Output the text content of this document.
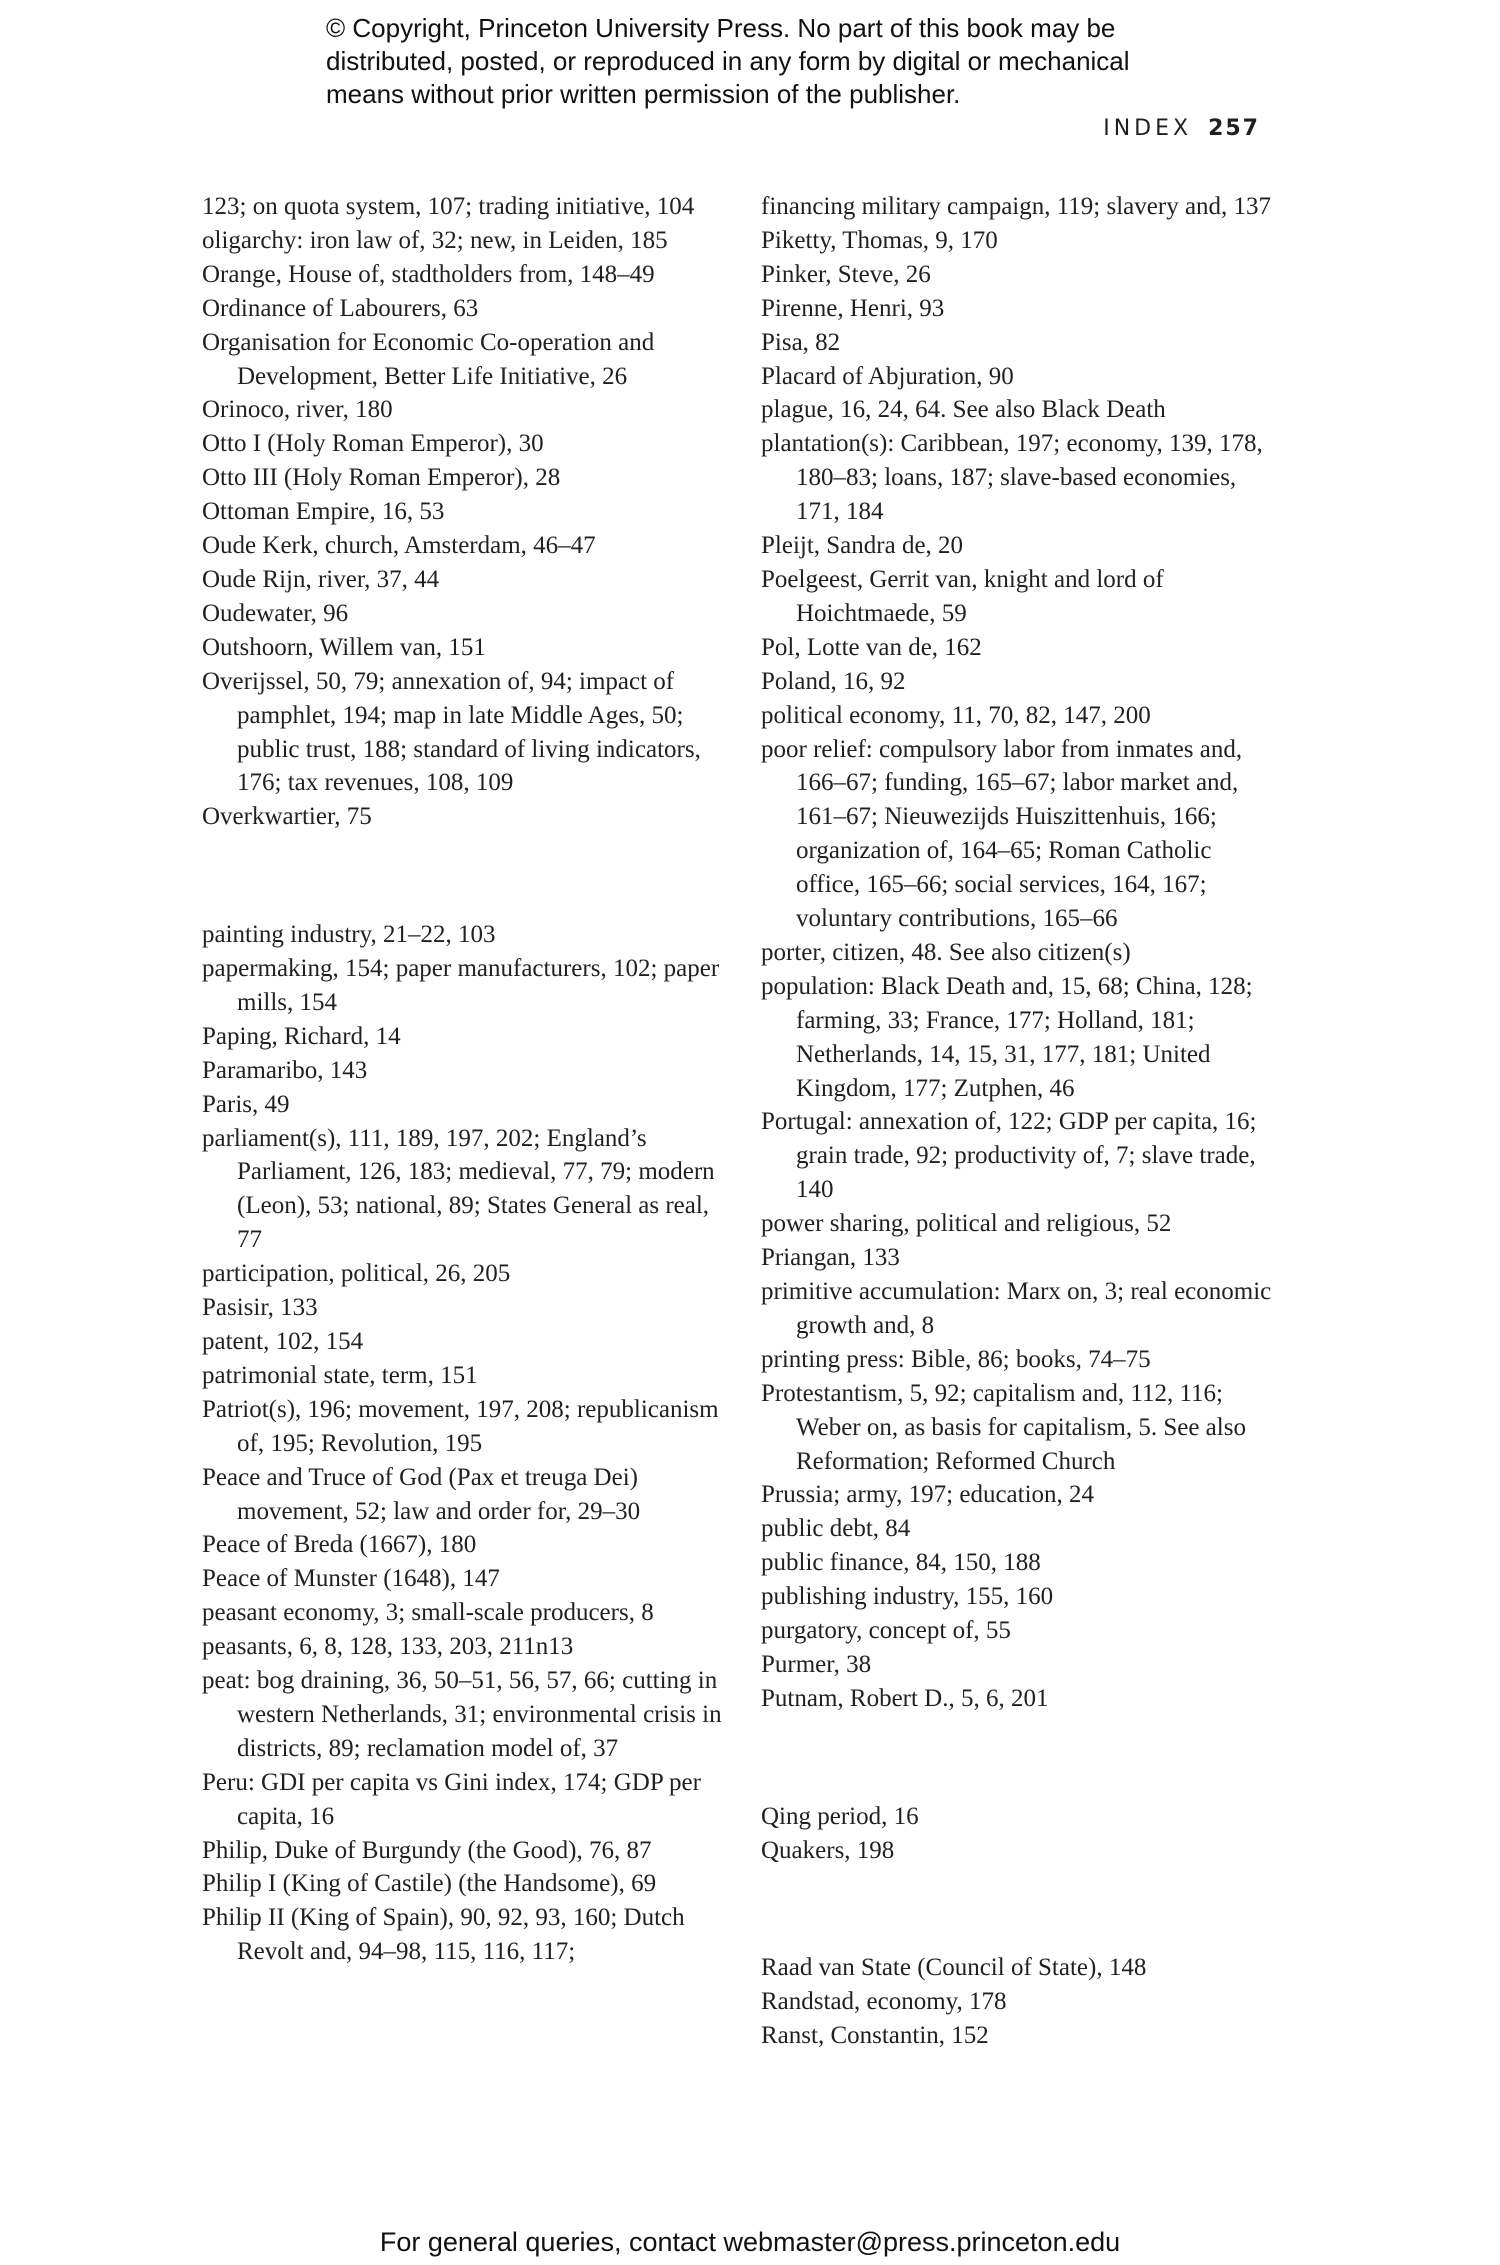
© Copyright, Princeton University Press. No part of this book may be
distributed, posted, or reproduced in any form by digital or mechanical
means without prior written permission of the publisher.
INDEX 257

123; on quota system, 107; trading initiative, 104

oligarchy: iron law of, 32; new, in Leiden, 185

Orange, House of, stadtholders from, 148–49

Ordinance of Labourers, 63

Organisation for Economic Co-operation and Development, Better Life Initiative, 26

Orinoco, river, 180

Otto I (Holy Roman Emperor), 30

Otto III (Holy Roman Emperor), 28

Ottoman Empire, 16, 53

Oude Kerk, church, Amsterdam, 46–47

Oude Rijn, river, 37, 44

Oudewater, 96

Outshoorn, Willem van, 151

Overijssel, 50, 79; annexation of, 94; impact of pamphlet, 194; map in late Middle Ages, 50; public trust, 188; standard of living indicators, 176; tax revenues, 108, 109

Overkwartier, 75

painting industry, 21–22, 103

papermaking, 154; paper manufacturers, 102; paper mills, 154

Paping, Richard, 14

Paramaribo, 143

Paris, 49

parliament(s), 111, 189, 197, 202; England’s Parliament, 126, 183; medieval, 77, 79; modern (Leon), 53; national, 89; States General as real, 77

participation, political, 26, 205

Pasisir, 133

patent, 102, 154

patrimonial state, term, 151

Patriot(s), 196; movement, 197, 208; republicanism of, 195; Revolution, 195

Peace and Truce of God (Pax et treuga Dei) movement, 52; law and order for, 29–30

Peace of Breda (1667), 180

Peace of Munster (1648), 147

peasant economy, 3; small-scale producers, 8

peasants, 6, 8, 128, 133, 203, 211n13

peat: bog draining, 36, 50–51, 56, 57, 66; cutting in western Netherlands, 31; environmental crisis in districts, 89; reclamation model of, 37

Peru: GDI per capita vs Gini index, 174; GDP per capita, 16

Philip, Duke of Burgundy (the Good), 76, 87

Philip I (King of Castile) (the Handsome), 69

Philip II (King of Spain), 90, 92, 93, 160; Dutch Revolt and, 94–98, 115, 116, 117;

financing military campaign, 119; slavery and, 137

Piketty, Thomas, 9, 170

Pinker, Steve, 26

Pirenne, Henri, 93

Pisa, 82

Placard of Abjuration, 90

plague, 16, 24, 64. See also Black Death

plantation(s): Caribbean, 197; economy, 139, 178, 180–83; loans, 187; slave-based economies, 171, 184

Pleijt, Sandra de, 20

Poelgeest, Gerrit van, knight and lord of Hoichtmaede, 59

Pol, Lotte van de, 162

Poland, 16, 92

political economy, 11, 70, 82, 147, 200

poor relief: compulsory labor from inmates and, 166–67; funding, 165–67; labor market and, 161–67; Nieuwezijds Huiszittenhuis, 166; organization of, 164–65; Roman Catholic office, 165–66; social services, 164, 167; voluntary contributions, 165–66

porter, citizen, 48. See also citizen(s)

population: Black Death and, 15, 68; China, 128; farming, 33; France, 177; Holland, 181; Netherlands, 14, 15, 31, 177, 181; United Kingdom, 177; Zutphen, 46

Portugal: annexation of, 122; GDP per capita, 16; grain trade, 92; productivity of, 7; slave trade, 140

power sharing, political and religious, 52

Priangan, 133

primitive accumulation: Marx on, 3; real economic growth and, 8

printing press: Bible, 86; books, 74–75

Protestantism, 5, 92; capitalism and, 112, 116; Weber on, as basis for capitalism, 5. See also Reformation; Reformed Church

Prussia; army, 197; education, 24

public debt, 84

public finance, 84, 150, 188

publishing industry, 155, 160

purgatory, concept of, 55

Purmer, 38

Putnam, Robert D., 5, 6, 201

Qing period, 16

Quakers, 198

Raad van State (Council of State), 148

Randstad, economy, 178

Ranst, Constantin, 152

For general queries, contact webmaster@press.princeton.edu
